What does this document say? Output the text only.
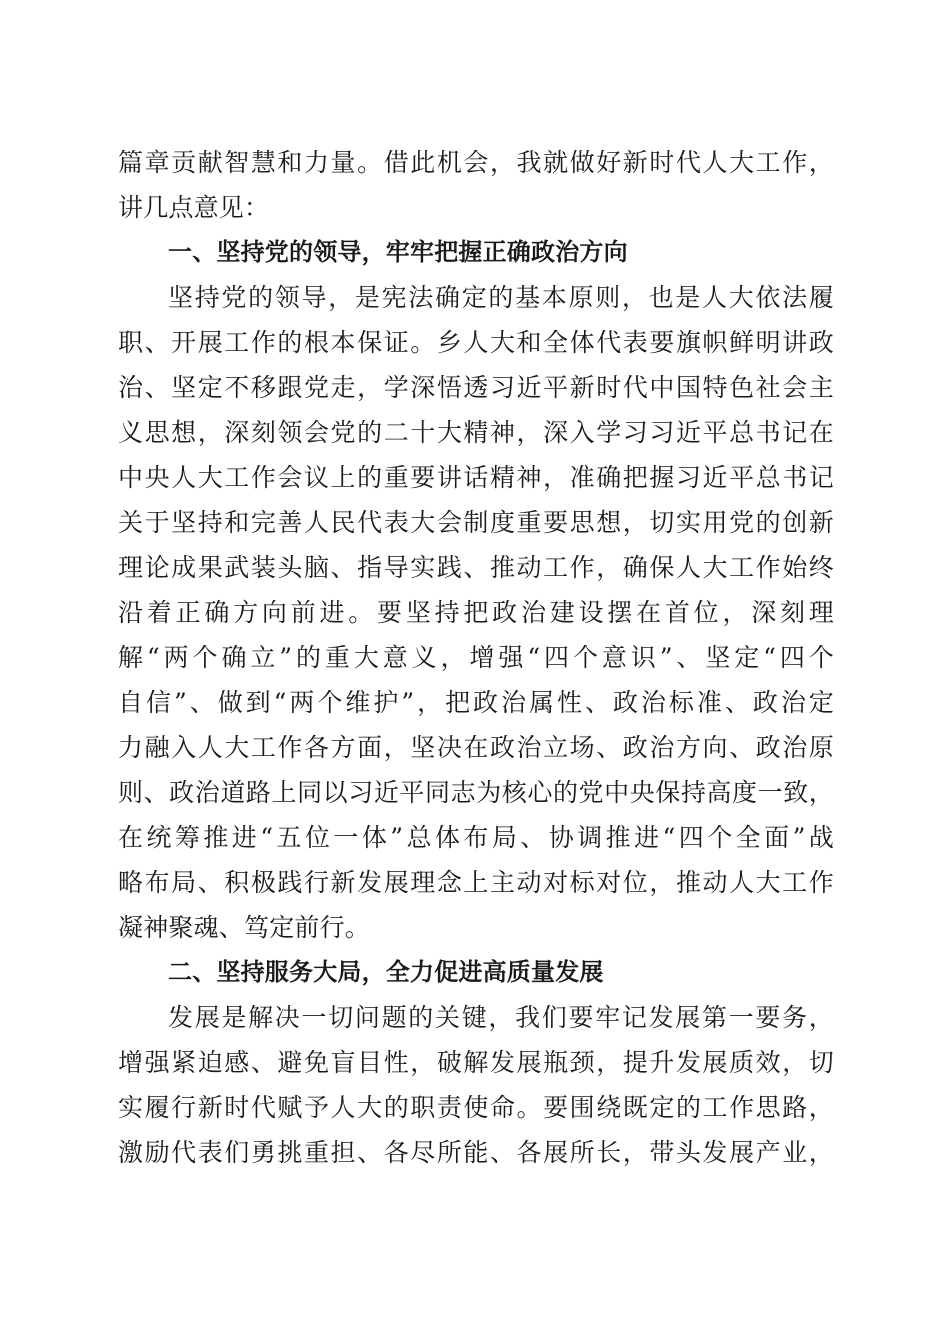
篇章贡献智慧和力量。借此机会，我就做好新时代人大工作，
讲几点意见：
一、坚持党的领导，牢牢把握正确政治方向
坚持党的领导，是宪法确定的基本原则，也是人大依法履
职、开展工作的根本保证。乡人大和全体代表要旗帜鲜明讲政
治、坚定不移跟党走，学深悟透习近平新时代中国特色社会主
义思想，深刻领会党的二十大精神，深入学习习近平总书记在
中央人大工作会议上的重要讲话精神，准确把握习近平总书记
关于坚持和完善人民代表大会制度重要思想，切实用党的创新
理论成果武装头脑、指导实践、推动工作，确保人大工作始终
沿着正确方向前进。要坚持把政治建设摆在首位，深刻理
解“两个确立”的重大意义，增强“四个意识”、坚定“四个
自信”、做到“两个维护”，把政治属性、政治标准、政治定
力融入人大工作各方面，坚决在政治立场、政治方向、政治原
则、政治道路上同以习近平同志为核心的党中央保持高度一致，
在统筹推进“五位一体”总体布局、协调推进“四个全面”战
略布局、积极践行新发展理念上主动对标对位，推动人大工作
凝神聚魂、笃定前行。
二、坚持服务大局，全力促进高质量发展
发展是解决一切问题的关键，我们要牢记发展第一要务，
增强紧迫感、避免盲目性，破解发展瓶颈，提升发展质效，切
实履行新时代赋予人大的职责使命。要围绕既定的工作思路，
激励代表们勇挑重担、各尽所能、各展所长，带头发展产业，
